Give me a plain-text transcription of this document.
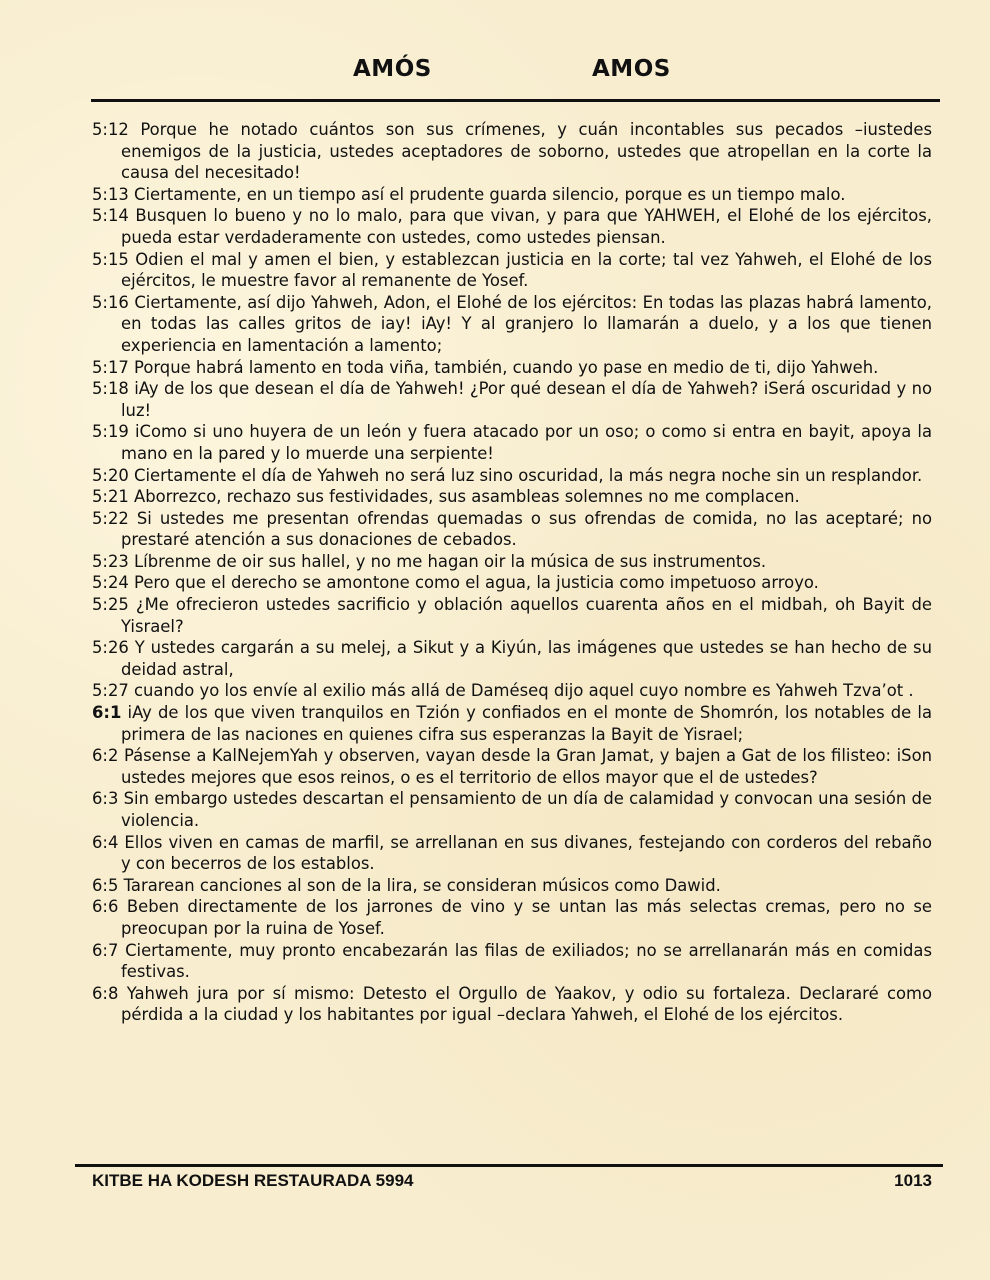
AMÓS	AMOS

5:12 Porque he notado cuántos son sus crímenes, y cuán incontables sus pecados –iustedes enemigos de la justicia, ustedes aceptadores de soborno, ustedes que atropellan en la corte la causa del necesitado!

5:13 Ciertamente, en un tiempo así el prudente guarda silencio, porque es un tiempo malo.

5:14 Busquen lo bueno y no lo malo, para que vivan, y para que YAHWEH, el Elohé de los ejércitos, pueda estar verdaderamente con ustedes, como ustedes piensan.

5:15 Odien el mal y amen el bien, y establezcan justicia en la corte; tal vez Yahweh, el Elohé de los ejércitos, le muestre favor al remanente de Yosef.

5:16 Ciertamente, así dijo Yahweh, Adon, el Elohé de los ejércitos: En todas las plazas habrá lamento, en todas las calles gritos de iay! iAy! Y al granjero lo llamarán a duelo, y a los que tienen experiencia en lamentación a lamento;

5:17 Porque habrá lamento en toda viña, también, cuando yo pase en medio de ti, dijo Yahweh.

5:18 iAy de los que desean el día de Yahweh! ¿Por qué desean el día de Yahweh? iSerá oscuridad y no luz!

5:19 iComo si uno huyera de un león y fuera atacado por un oso; o como si entra en bayit, apoya la mano en la pared y lo muerde una serpiente!

5:20 Ciertamente el día de Yahweh no será luz sino oscuridad, la más negra noche sin un resplandor.

5:21 Aborrezco, rechazo sus festividades, sus asambleas solemnes no me complacen.

5:22 Si ustedes me presentan ofrendas quemadas o sus ofrendas de comida, no las aceptaré; no prestaré atención a sus donaciones de cebados.

5:23 Líbrenme de oir sus hallel, y no me hagan oir la música de sus instrumentos.

5:24 Pero que el derecho se amontone como el agua, la justicia como impetuoso arroyo.

5:25 ¿Me ofrecieron ustedes sacrificio y oblación aquellos cuarenta años en el midbah, oh Bayit de Yisrael?

5:26 Y ustedes cargarán a su melej, a Sikut y a Kiyún, las imágenes que ustedes se han hecho de su deidad astral,

5:27 cuando yo los envíe al exilio más allá de Daméseq dijo aquel cuyo nombre es Yahweh Tzva’ot .

6:1 iAy de los que viven tranquilos en Tzión y confiados en el monte de Shomrón, los notables de la primera de las naciones en quienes cifra sus esperanzas la Bayit de Yisrael;

6:2 Pásense a KalNejemYah y observen, vayan desde la Gran Jamat, y bajen a Gat de los filisteo: iSon ustedes mejores que esos reinos, o es el territorio de ellos mayor que el de ustedes?

6:3 Sin embargo ustedes descartan el pensamiento de un día de calamidad y convocan una sesión de violencia.

6:4 Ellos viven en camas de marfil, se arrellanan en sus divanes, festejando con corderos del rebaño y con becerros de los establos.

6:5 Tararean canciones al son de la lira, se consideran músicos como Dawid.

6:6 Beben directamente de los jarrones de vino y se untan las más selectas cremas, pero no se preocupan por la ruina de Yosef.

6:7 Ciertamente, muy pronto encabezarán las filas de exiliados; no se arrellanarán más en comidas festivas.

6:8 Yahweh jura por sí mismo: Detesto el Orgullo de Yaakov, y odio su fortaleza. Declararé como pérdida a la ciudad y los habitantes por igual –declara Yahweh, el Elohé de los ejércitos.

KITBE HA KODESH RESTAURADA 5994	1013
